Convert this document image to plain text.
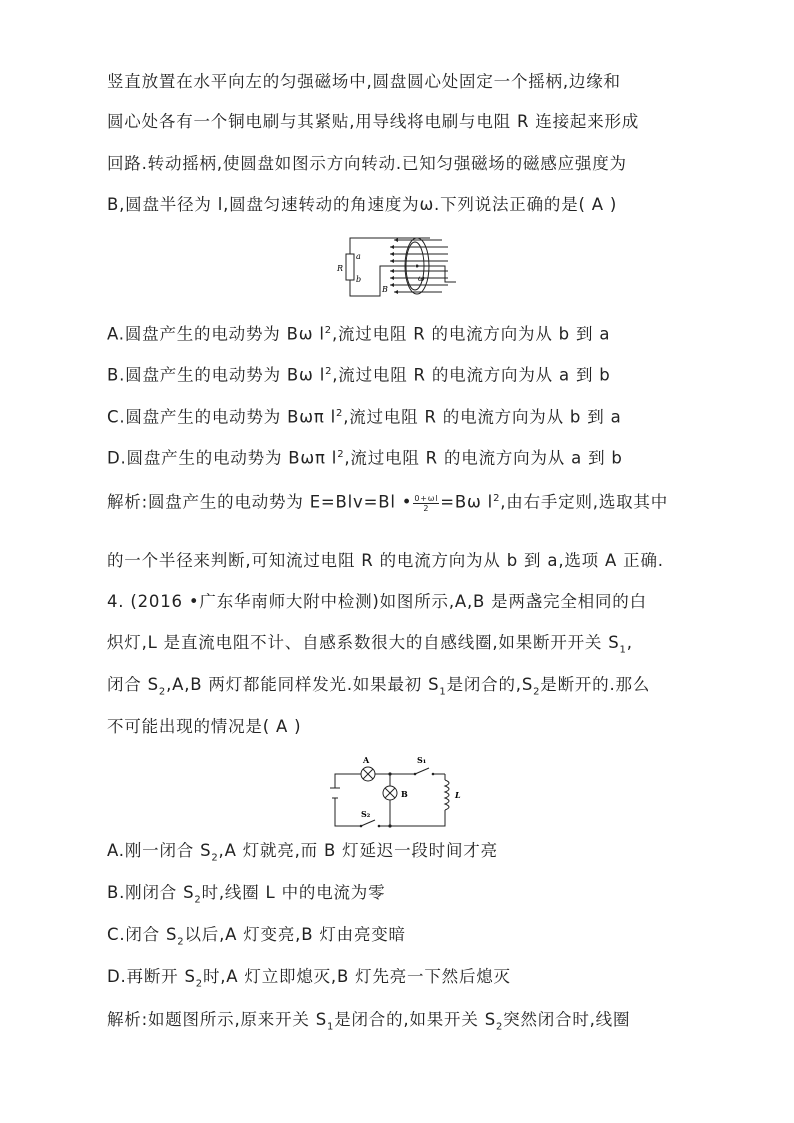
竖直放置在水平向左的匀强磁场中,圆盘圆心处固定一个摇柄,边缘和
圆心处各有一个铜电刷与其紧贴,用导线将电刷与电阻 R 连接起来形成
回路.转动摇柄,使圆盘如图示方向转动.已知匀强磁场的磁感应强度为
B,圆盘半径为 l,圆盘匀速转动的角速度为ω.下列说法正确的是( A )
a
b
R
B
ω
A.圆盘产生的电动势为 Bω $l^2$,流过电阻 R 的电流方向为从 b 到 a
B.圆盘产生的电动势为 Bω $l^2$,流过电阻 R 的电流方向为从 a 到 b
C.圆盘产生的电动势为 Bωπ $l^2$,流过电阻 R 的电流方向为从 b 到 a
D.圆盘产生的电动势为 Bωπ $l^2$,流过电阻 R 的电流方向为从 a 到 b
解析:圆盘产生的电动势为 E=Blv=Bl • $\frac{0+\omega l}{2} =B\omega$ $l^2$,由右手定则,选取其中
的一个半径来判断,可知流过电阻 R 的电流方向为从 b 到 a,选项 A 正确.
4. (2016 •广东华南师大附中检测)如图所示,A,B 是两盏完全相同的白
炽灯,L 是直流电阻不计、自感系数很大的自感线圈,如果断开开关 $S_1$,
闭合 $S_2,A,B$ 两灯都能同样发光.如果最初 $S_1$是闭合的$,S_2$是断开的.那么
不可能出现的情况是( A )
A
B
S₁
S₂
L
A.刚一闭合 $S_2,A$ 灯就亮,而 B 灯延迟一段时间才亮
B.刚闭合 $S_2$时,线圈 L 中的电流为零
C.闭合 $S_2$以后,A 灯变亮,B 灯由亮变暗
D.再断开 $S_2$时,A 灯立即熄灭,B 灯先亮一下然后熄灭
解析:如题图所示,原来开关 $S_1$是闭合的,如果开关 $S_2$突然闭合时,线圈
